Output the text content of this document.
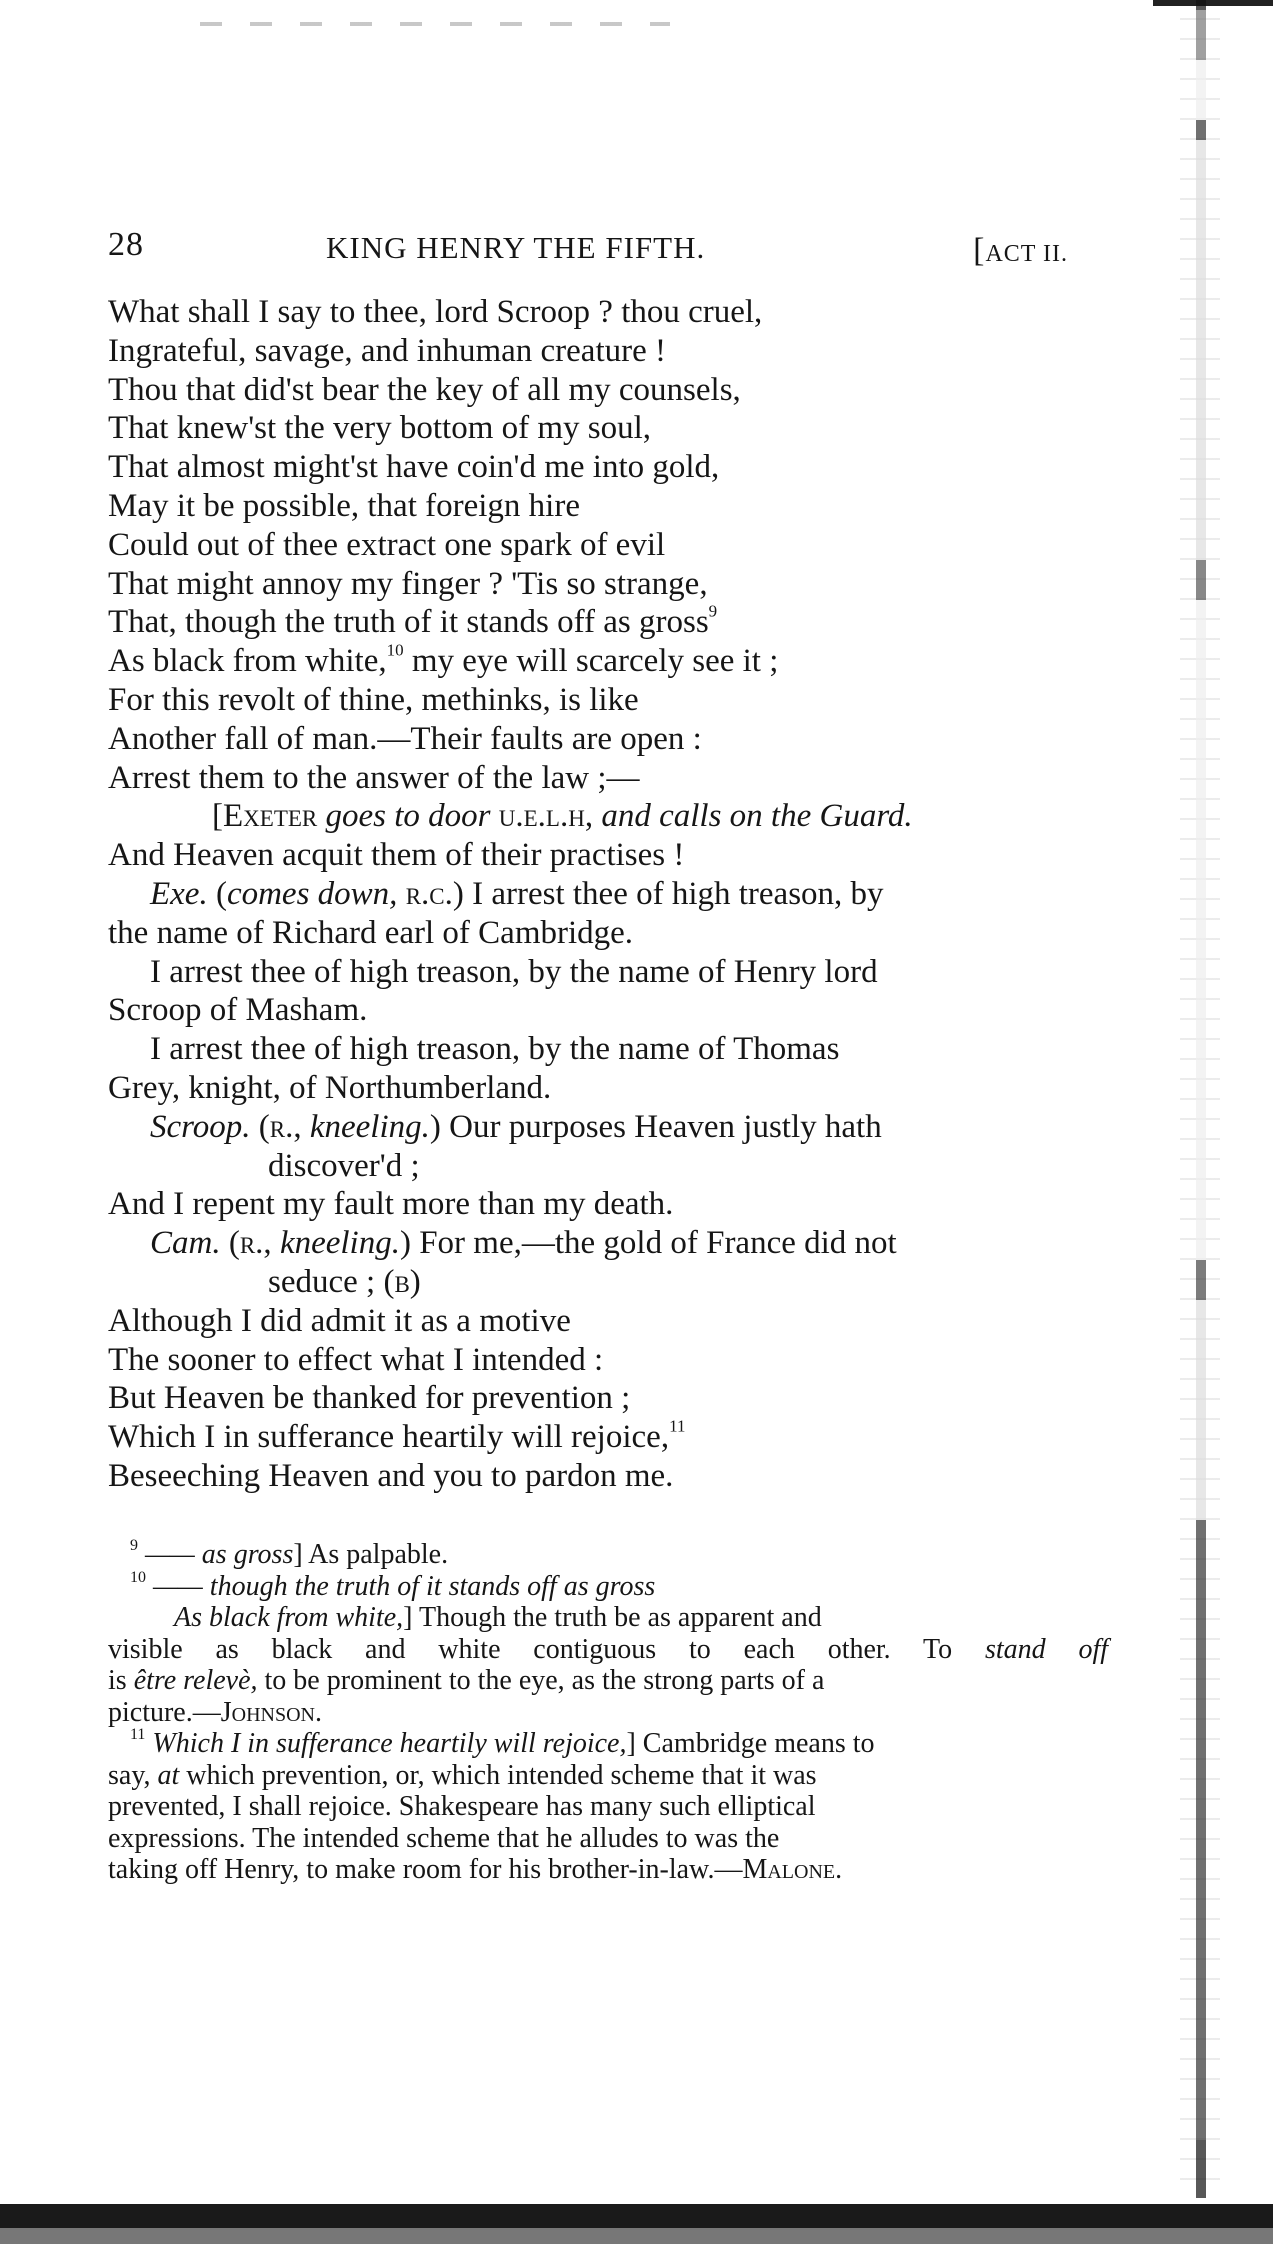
28	KING HENRY THE FIFTH.	[ACT II.
What shall I say to thee, lord Scroop ? thou cruel,
Ingrateful, savage, and inhuman creature !
Thou that did'st bear the key of all my counsels,
That knew'st the very bottom of my soul,
That almost might'st have coin'd me into gold,
May it be possible, that foreign hire
Could out of thee extract one spark of evil
That might annoy my finger ? 'Tis so strange,
That, though the truth of it stands off as gross$^9$
As black from white,$^{10}$ my eye will scarcely see it ;
For this revolt of thine, methinks, is like
Another fall of man.—Their faults are open :
Arrest them to the answer of the law ;—
[Exeter goes to door u.e.l.h, and calls on the Guard.
And Heaven acquit them of their practises !
Exe. (comes down, r.c.) I arrest thee of high treason, by
the name of Richard earl of Cambridge.
I arrest thee of high treason, by the name of Henry lord
Scroop of Masham.
I arrest thee of high treason, by the name of Thomas
Grey, knight, of Northumberland.
Scroop. (r., kneeling.) Our purposes Heaven justly hath
discover'd ;
And I repent my fault more than my death.
Cam. (r., kneeling.) For me,—the gold of France did not
seduce ; (b)
Although I did admit it as a motive
The sooner to effect what I intended :
But Heaven be thanked for prevention ;
Which I in sufferance heartily will rejoice,$^{11}$
Beseeching Heaven and you to pardon me.
$^9$ —— as gross] As palpable.
$^{10}$ —— though the truth of it stands off as gross
As black from white,] Though the truth be as apparent and
visible as black and white contiguous to each other. To stand off
is être relevè, to be prominent to the eye, as the strong parts of a
picture.—Johnson.
$^{11}$ Which I in sufferance heartily will rejoice,] Cambridge means to
say, at which prevention, or, which intended scheme that it was
prevented, I shall rejoice. Shakespeare has many such elliptical
expressions. The intended scheme that he alludes to was the
taking off Henry, to make room for his brother-in-law.—Malone.
